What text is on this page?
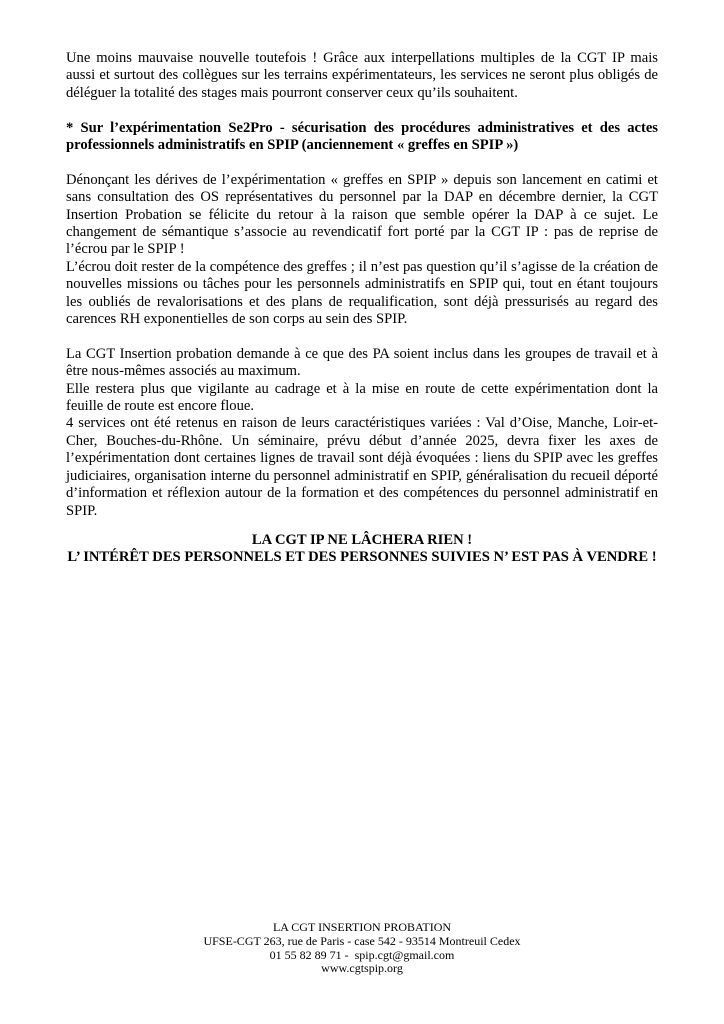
Une moins mauvaise nouvelle toutefois ! Grâce aux interpellations multiples de la CGT IP mais aussi et surtout des collègues sur les terrains expérimentateurs, les services ne seront plus obligés de déléguer la totalité des stages mais pourront conserver ceux qu’ils souhaitent.

* Sur l’expérimentation Se2Pro - sécurisation des procédures administratives et des actes professionnels administratifs en SPIP (anciennement « greffes en SPIP »)

Dénonçant les dérives de l’expérimentation « greffes en SPIP » depuis son lancement en catimi et sans consultation des OS représentatives du personnel par la DAP en décembre dernier, la CGT Insertion Probation se félicite du retour à la raison que semble opérer la DAP à ce sujet. Le changement de sémantique s’associe au revendicatif fort porté par la CGT IP : pas de reprise de l’écrou par le SPIP !

L’écrou doit rester de la compétence des greffes ; il n’est pas question qu’il s’agisse de la création de nouvelles missions ou tâches pour les personnels administratifs en SPIP qui, tout en étant toujours les oubliés de revalorisations et des plans de requalification, sont déjà pressurisés au regard des carences RH exponentielles de son corps au sein des SPIP.

La CGT Insertion probation demande à ce que des PA soient inclus dans les groupes de travail et à être nous-mêmes associés au maximum.

Elle restera plus que vigilante au cadrage et à la mise en route de cette expérimentation dont la feuille de route est encore floue.

4 services ont été retenus en raison de leurs caractéristiques variées : Val d’Oise, Manche, Loir-et-Cher, Bouches-du-Rhône. Un séminaire, prévu début d’année 2025, devra fixer les axes de l’expérimentation dont certaines lignes de travail sont déjà évoquées : liens du SPIP avec les greffes judiciaires, organisation interne du personnel administratif en SPIP, généralisation du recueil déporté d’information et réflexion autour de la formation et des compétences du personnel administratif en SPIP.

LA CGT IP NE LÂCHERA RIEN !

L’ INTÉRÊT DES PERSONNELS ET DES PERSONNES SUIVIES N’ EST PAS À VENDRE !

LA CGT INSERTION PROBATION
UFSE-CGT 263, rue de Paris - case 542 - 93514 Montreuil Cedex
01 55 82 89 71 -  spip.cgt@gmail.com
www.cgtspip.org
